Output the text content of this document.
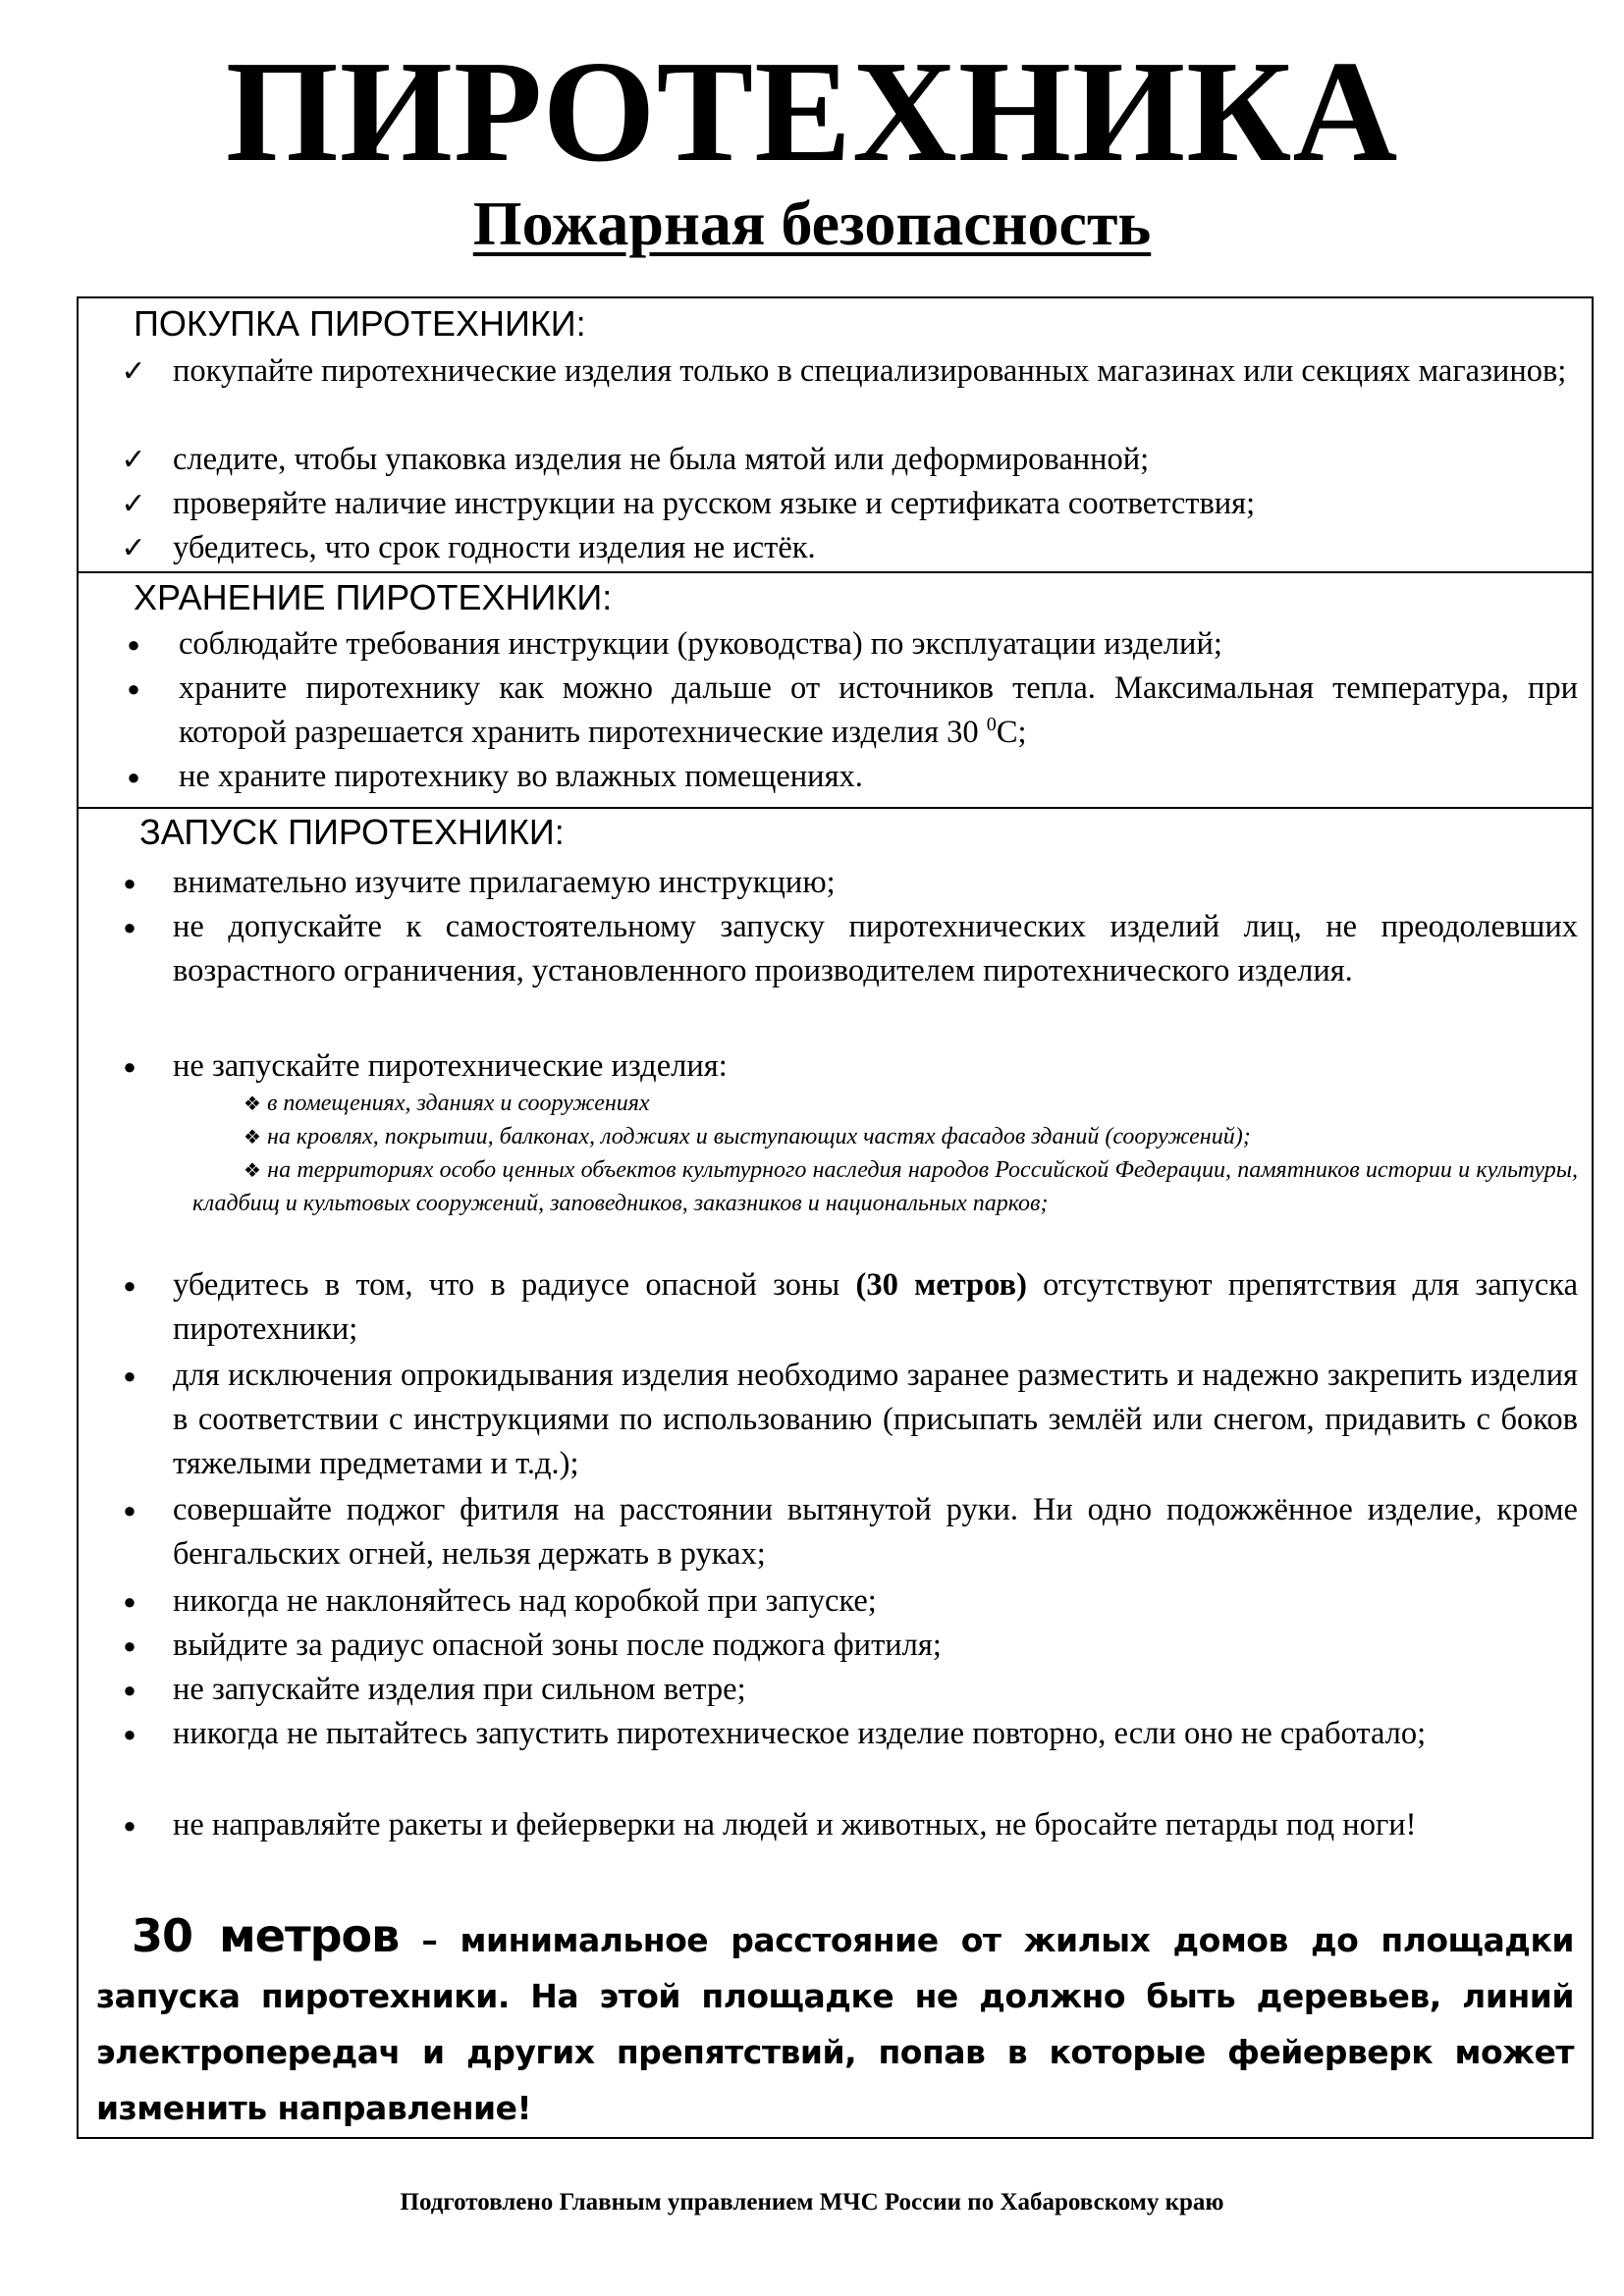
ПИРОТЕХНИКА
Пожарная безопасность
ПОКУПКА ПИРОТЕХНИКИ:
✓ покупайте пиротехнические изделия только в специализированных магазинах или секциях магазинов;
✓ следите, чтобы упаковка изделия не была мятой или деформированной;
✓ проверяйте наличие инструкции на русском языке и сертификата соответствия;
✓ убедитесь, что срок годности изделия не истёк.
ХРАНЕНИЕ ПИРОТЕХНИКИ:
●	соблюдайте требования инструкции (руководства) по эксплуатации изделий;
●	храните пиротехнику как можно дальше от источников тепла. Максимальная температура, при которой разрешается хранить пиротехнические изделия 30 $^0$С;
●	не храните пиротехнику во влажных помещениях.
ЗАПУСК ПИРОТЕХНИКИ:
●	внимательно изучите прилагаемую инструкцию;
●	не допускайте к самостоятельному запуску пиротехнических изделий лиц, не преодолевших возрастного ограничения, установленного производителем пиротехнического изделия.
●	не запускайте пиротехнические изделия:
❖ в помещениях, зданиях и сооружениях
❖ на кровлях, покрытии, балконах, лоджиях и выступающих частях фасадов зданий (сооружений);
❖ на территориях особо ценных объектов культурного наследия народов Российской Федерации, памятников истории и культуры, кладбищ и культовых сооружений, заповедников, заказников и национальных парков;
●	убедитесь в том, что в радиусе опасной зоны (30 метров) отсутствуют препятствия для запуска пиротехники;
●	для исключения опрокидывания изделия необходимо заранее разместить и надежно закрепить изделия в соответствии с инструкциями по использованию (присыпать землёй или снегом, придавить с боков тяжелыми предметами и т.д.);
●	совершайте поджог фитиля на расстоянии вытянутой руки. Ни одно подожжённое изделие, кроме бенгальских огней, нельзя держать в руках;
●	никогда не наклоняйтесь над коробкой при запуске;
●	выйдите за радиус опасной зоны после поджога фитиля;
●	не запускайте изделия при сильном ветре;
●	никогда не пытайтесь запустить пиротехническое изделие повторно, если оно не сработало;
●	не направляйте ракеты и фейерверки на людей и животных, не бросайте петарды под ноги!
30 метров – минимальное расстояние от жилых домов до площадки запуска пиротехники. На этой площадке не должно быть деревьев, линий электропередач и других препятствий, попав в которые фейерверк может изменить направление!
Подготовлено Главным управлением МЧС России по Хабаровскому краю
